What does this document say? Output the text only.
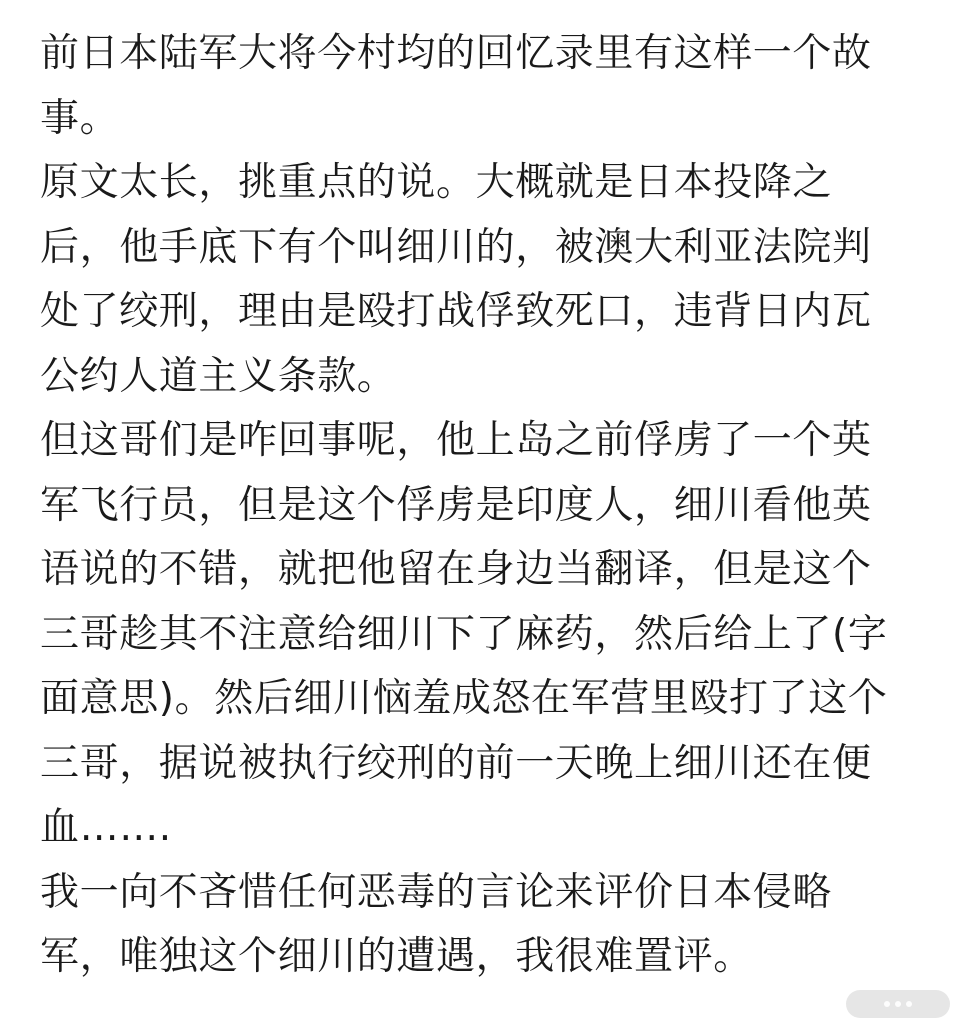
前日本陆军大将今村均的回忆录里有这样一个故
事。

原文太长，挑重点的说。大概就是日本投降之
后，他手底下有个叫细川的，被澳大利亚法院判
处了绞刑，理由是殴打战俘致死口，违背日内瓦
公约人道主义条款。

但这哥们是咋回事呢，他上岛之前俘虏了一个英
军飞行员，但是这个俘虏是印度人，细川看他英
语说的不错，就把他留在身边当翻译，但是这个
三哥趁其不注意给细川下了麻药，然后给上了(字
面意思)。然后细川恼羞成怒在军营里殴打了这个
三哥，据说被执行绞刑的前一天晚上细川还在便
血…….

我一向不吝惜任何恶毒的言论来评价日本侵略
军，唯独这个细川的遭遇，我很难置评。
